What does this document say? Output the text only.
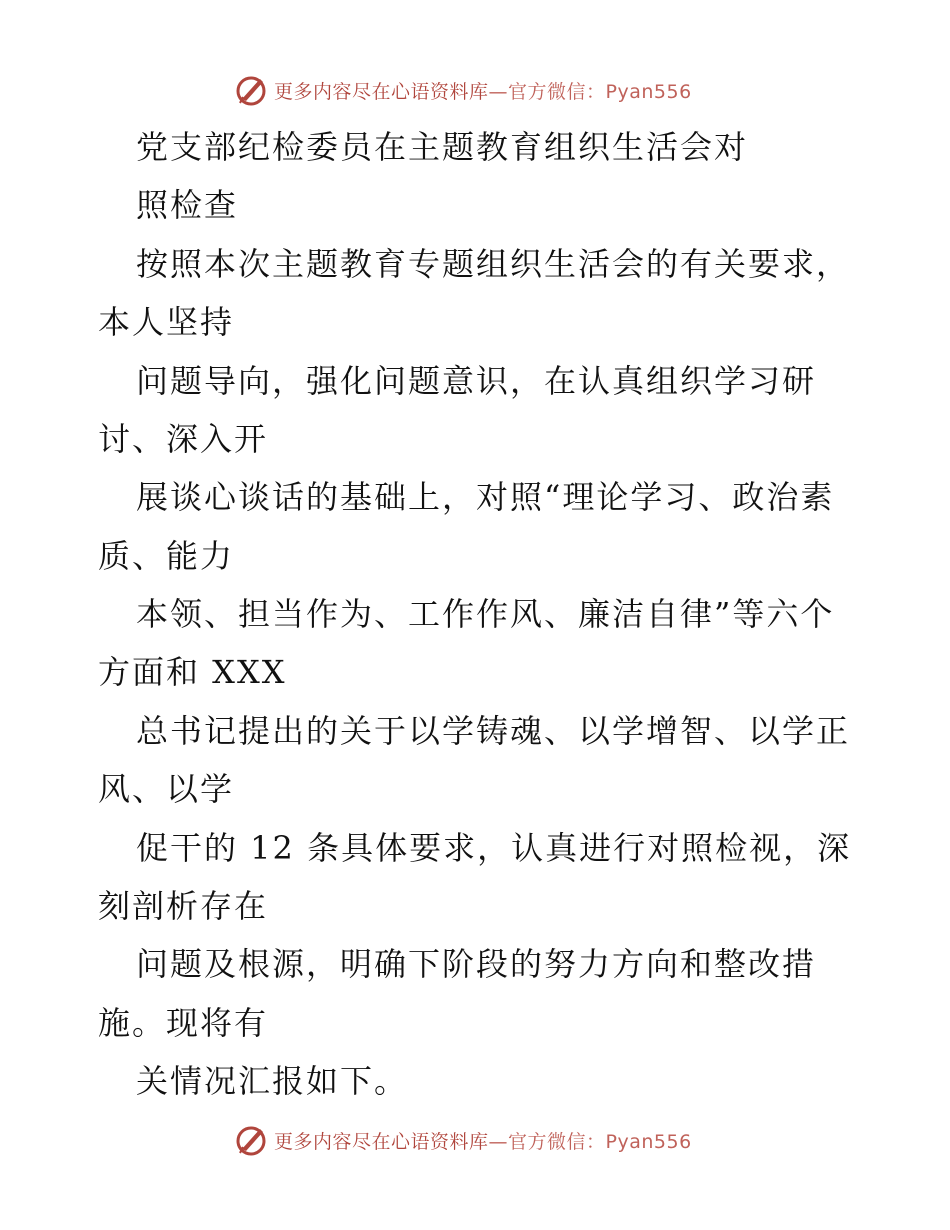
更多内容尽在心语资料库—官方微信：Pyan556
党支部纪检委员在主题教育组织生活会对
照检查
按照本次主题教育专题组织生活会的有关要求，
本人坚持
问题导向，强化问题意识，在认真组织学习研
讨、深入开
展谈心谈话的基础上，对照“理论学习、政治素
质、能力
本领、担当作为、工作作风、廉洁自律”等六个
方面和 XXX
总书记提出的关于以学铸魂、以学增智、以学正
风、以学
促干的 12 条具体要求，认真进行对照检视，深
刻剖析存在
问题及根源，明确下阶段的努力方向和整改措
施。现将有
关情况汇报如下。
更多内容尽在心语资料库—官方微信：Pyan556
